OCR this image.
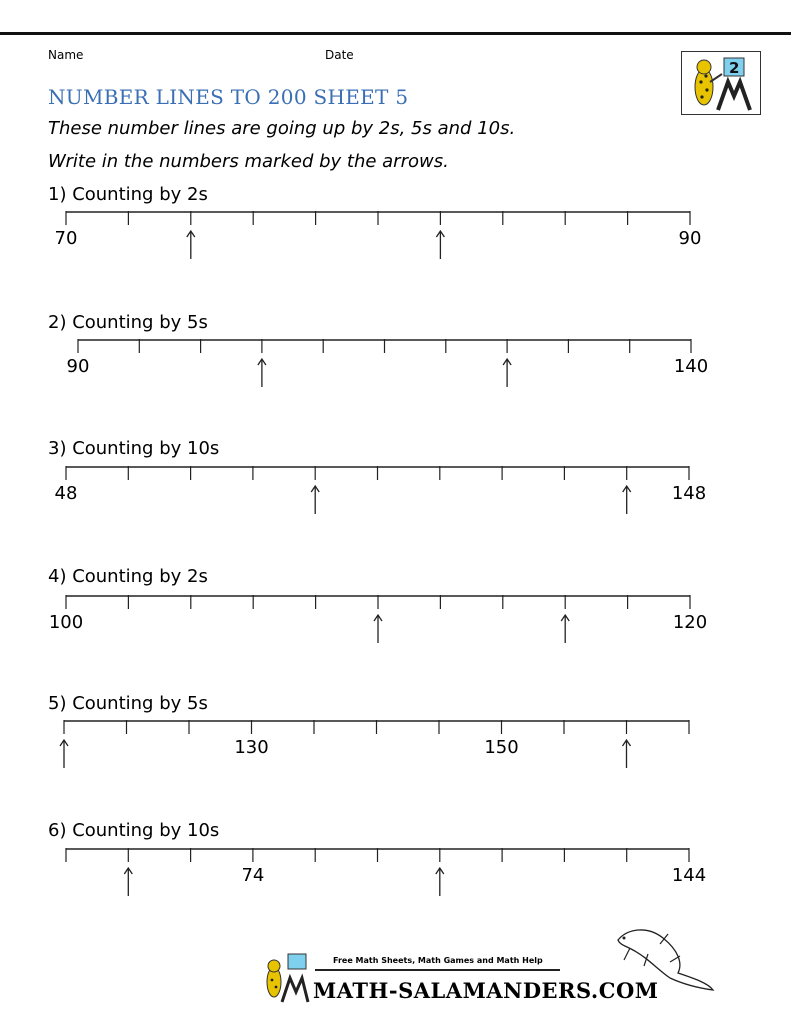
Name	Date
2
NUMBER LINES TO 200 SHEET 5
These number lines are going up by 2s, 5s and 10s.
Write in the numbers marked by the arrows.
1) Counting by 2s
70	90
2) Counting by 5s
90	140
3) Counting by 10s
48	148
4) Counting by 2s
100	120
5) Counting by 5s
130	150
6) Counting by 10s
74	144
Free Math Sheets, Math Games and Math Help
MATH-SALAMANDERS.COM
